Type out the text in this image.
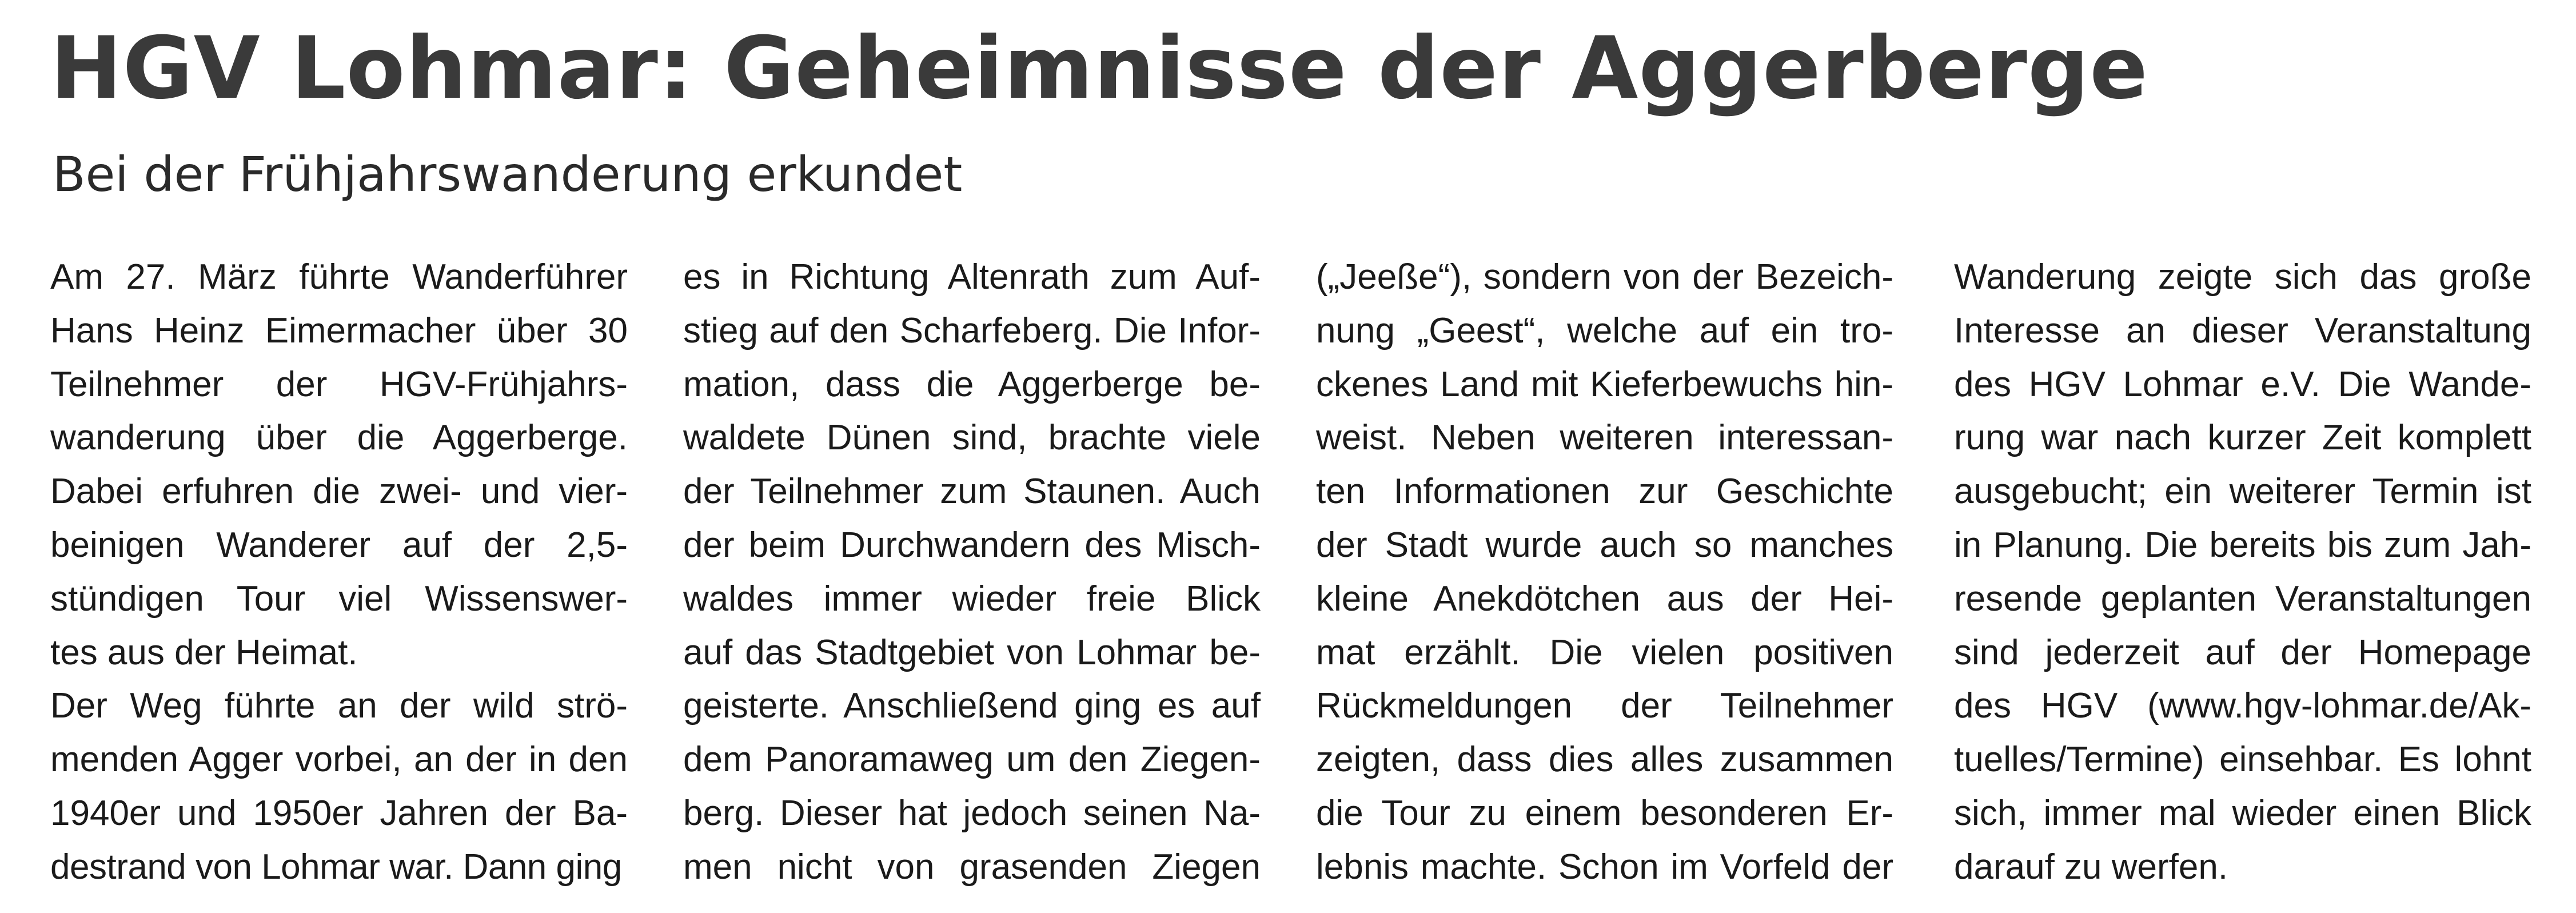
HGV Lohmar: Geheimnisse der Aggerberge
Bei der Frühjahrswanderung erkundet
Am 27. März führte Wanderführer
Hans Heinz Eimermacher über 30
Teilnehmer der HGV-Frühjahrs-
wanderung über die Aggerberge.
Dabei erfuhren die zwei- und vier-
beinigen Wanderer auf der 2,5-
stündigen Tour viel Wissenswer-
tes aus der Heimat.
Der Weg führte an der wild strö-
menden Agger vorbei, an der in den
1940er und 1950er Jahren der Ba-
destrand von Lohmar war. Dann ging
es in Richtung Altenrath zum Auf-
stieg auf den Scharfeberg. Die Infor-
mation, dass die Aggerberge be-
waldete Dünen sind, brachte viele
der Teilnehmer zum Staunen. Auch
der beim Durchwandern des Misch-
waldes immer wieder freie Blick
auf das Stadtgebiet von Lohmar be-
geisterte. Anschließend ging es auf
dem Panoramaweg um den Ziegen-
berg. Dieser hat jedoch seinen Na-
men nicht von grasenden Ziegen
(„Jeeße“), sondern von der Bezeich-
nung „Geest“, welche auf ein tro-
ckenes Land mit Kieferbewuchs hin-
weist. Neben weiteren interessan-
ten Informationen zur Geschichte
der Stadt wurde auch so manches
kleine Anekdötchen aus der Hei-
mat erzählt. Die vielen positiven
Rückmeldungen der Teilnehmer
zeigten, dass dies alles zusammen
die Tour zu einem besonderen Er-
lebnis machte. Schon im Vorfeld der
Wanderung zeigte sich das große
Interesse an dieser Veranstaltung
des HGV Lohmar e.V. Die Wande-
rung war nach kurzer Zeit komplett
ausgebucht; ein weiterer Termin ist
in Planung. Die bereits bis zum Jah-
resende geplanten Veranstaltungen
sind jederzeit auf der Homepage
des HGV (www.hgv-lohmar.de/Ak-
tuelles/Termine) einsehbar. Es lohnt
sich, immer mal wieder einen Blick
darauf zu werfen.
